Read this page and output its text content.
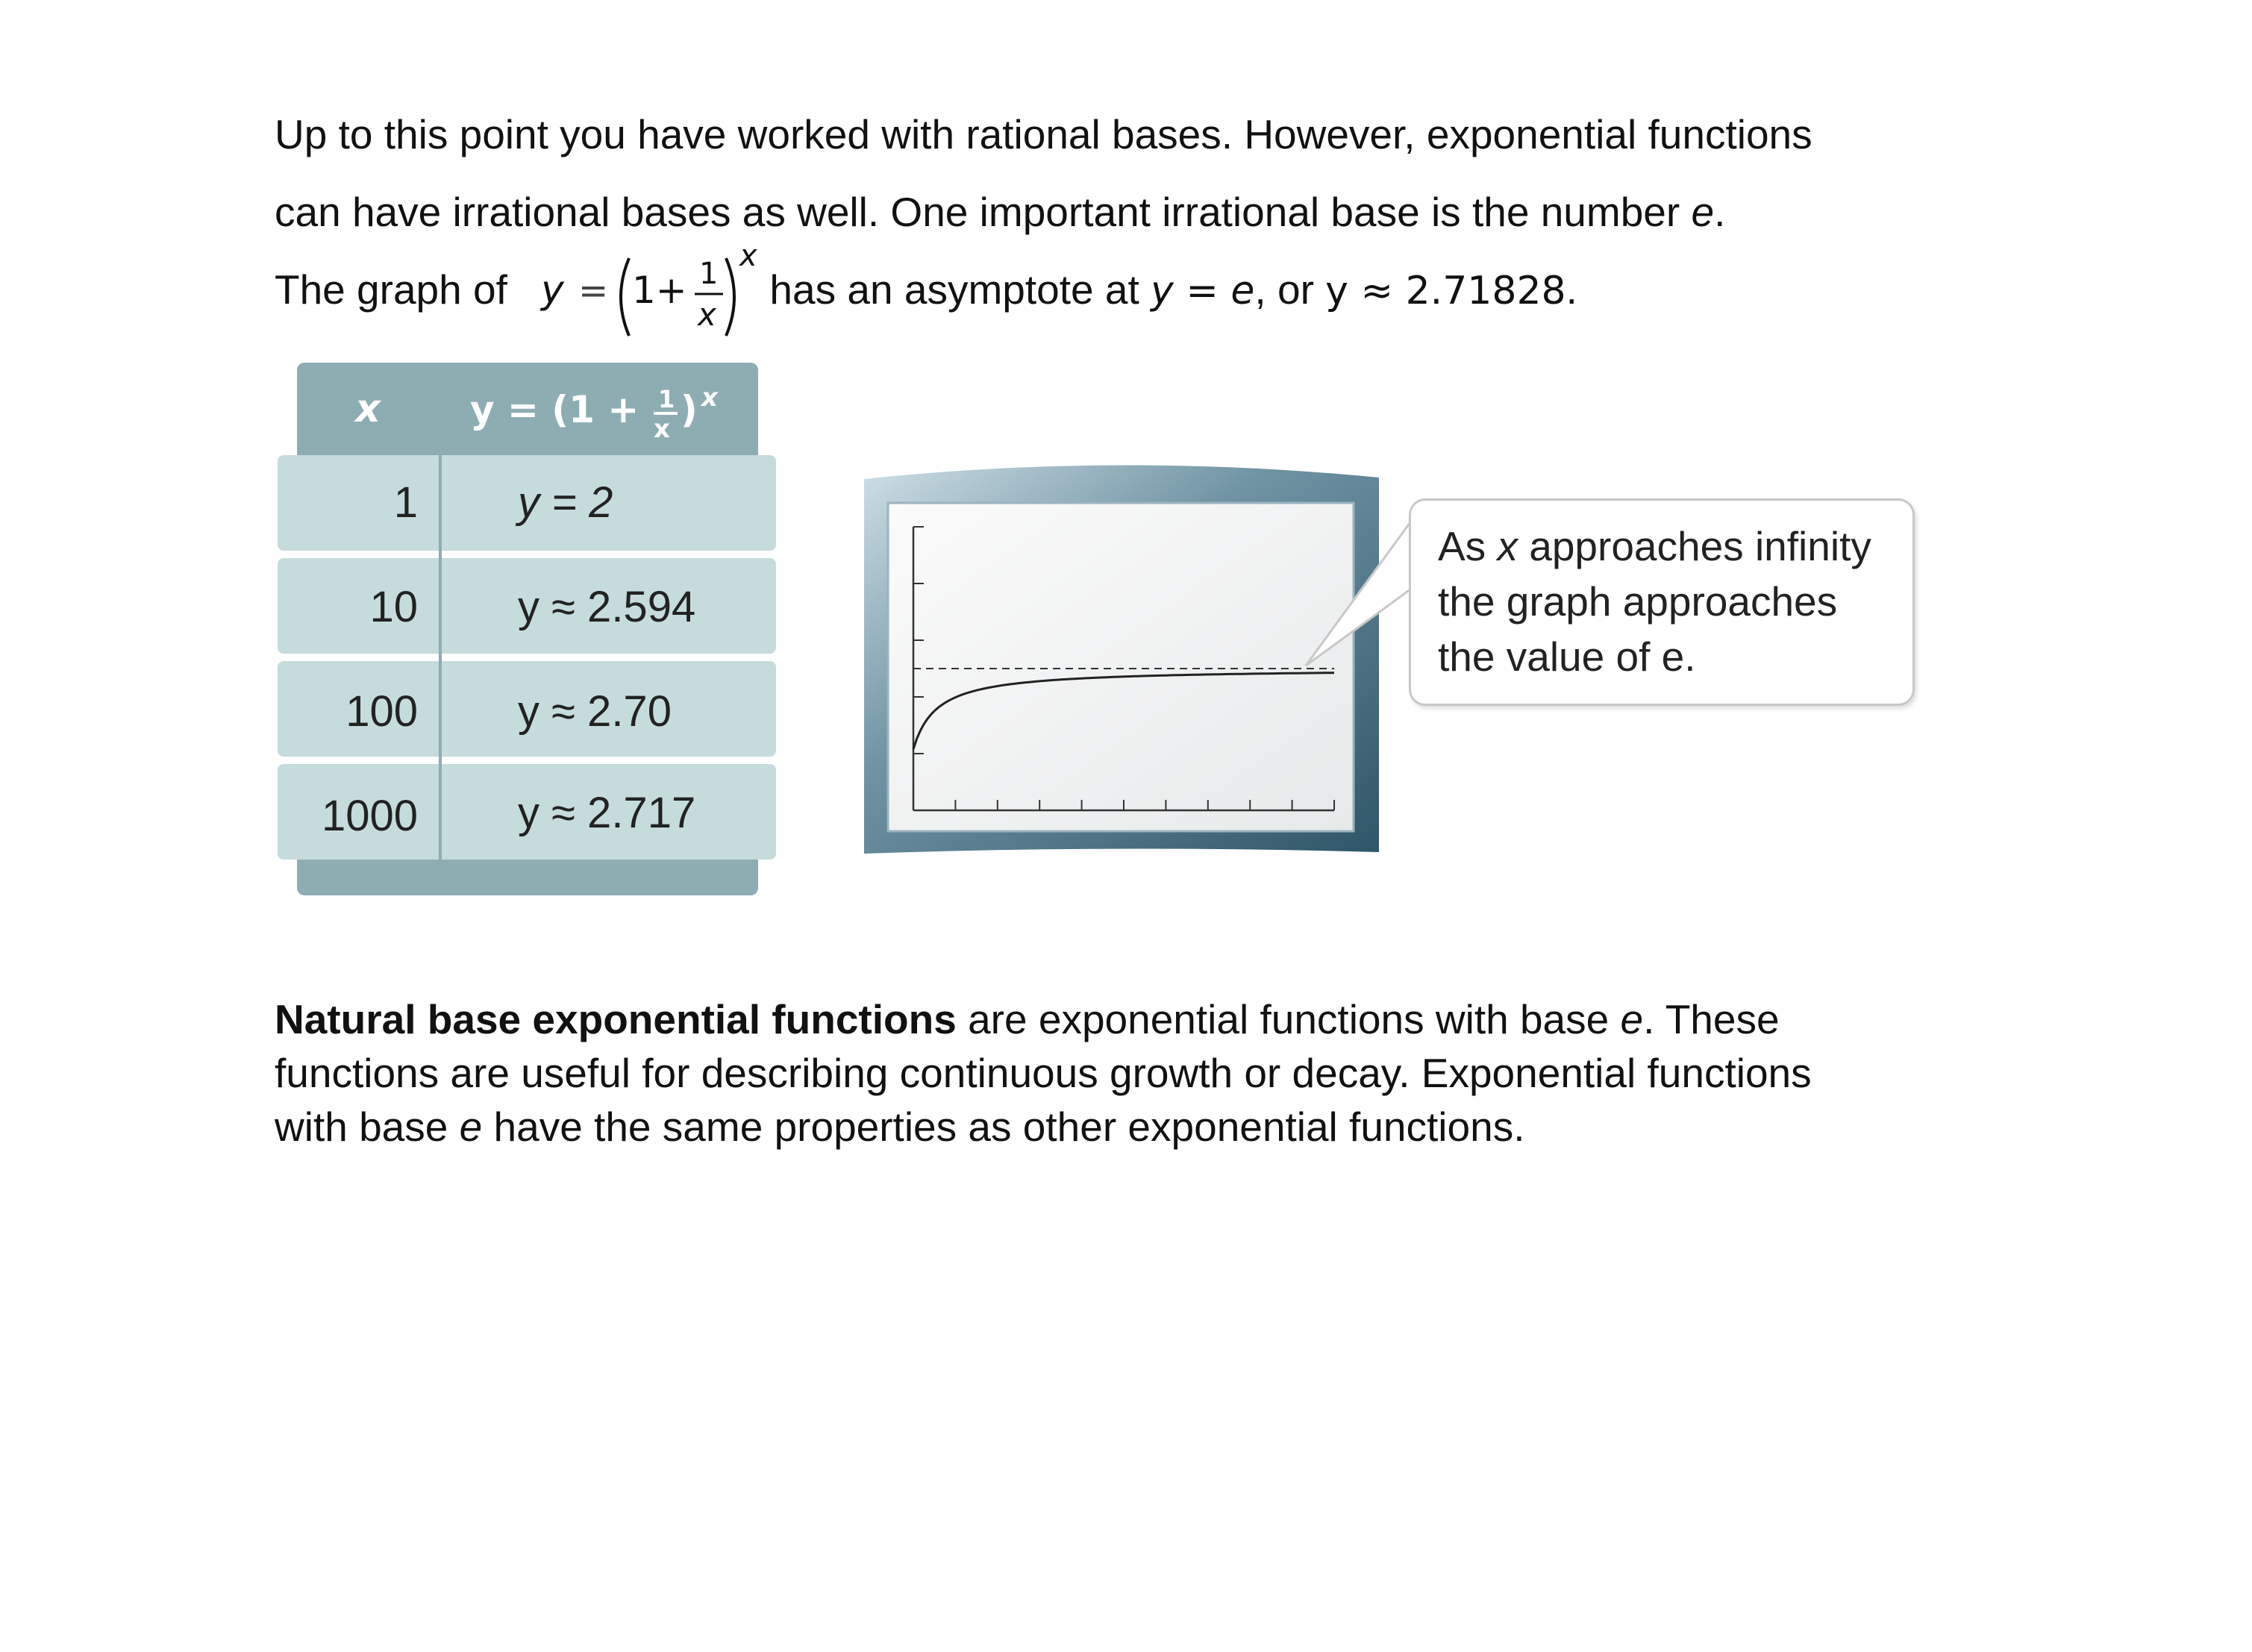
Up to this point you have worked with rational bases. However, exponential functions
can have irrational bases as well. One important irrational base is the number e.
The graph of	has an asymptote at y = e, or y ≈ 2.71828.
y = 1+ 1
x
x
1 y = 2
10 y ≈ 2.594
100 y ≈ 2.70
1000 y ≈ 2.717
x	y = (1 + 1
x ) x
As x approaches infinity the graph approaches the value of e.
Natural base exponential functions are exponential functions with base e. These
functions are useful for describing continuous growth or decay. Exponential functions
with base e have the same properties as other exponential functions.
